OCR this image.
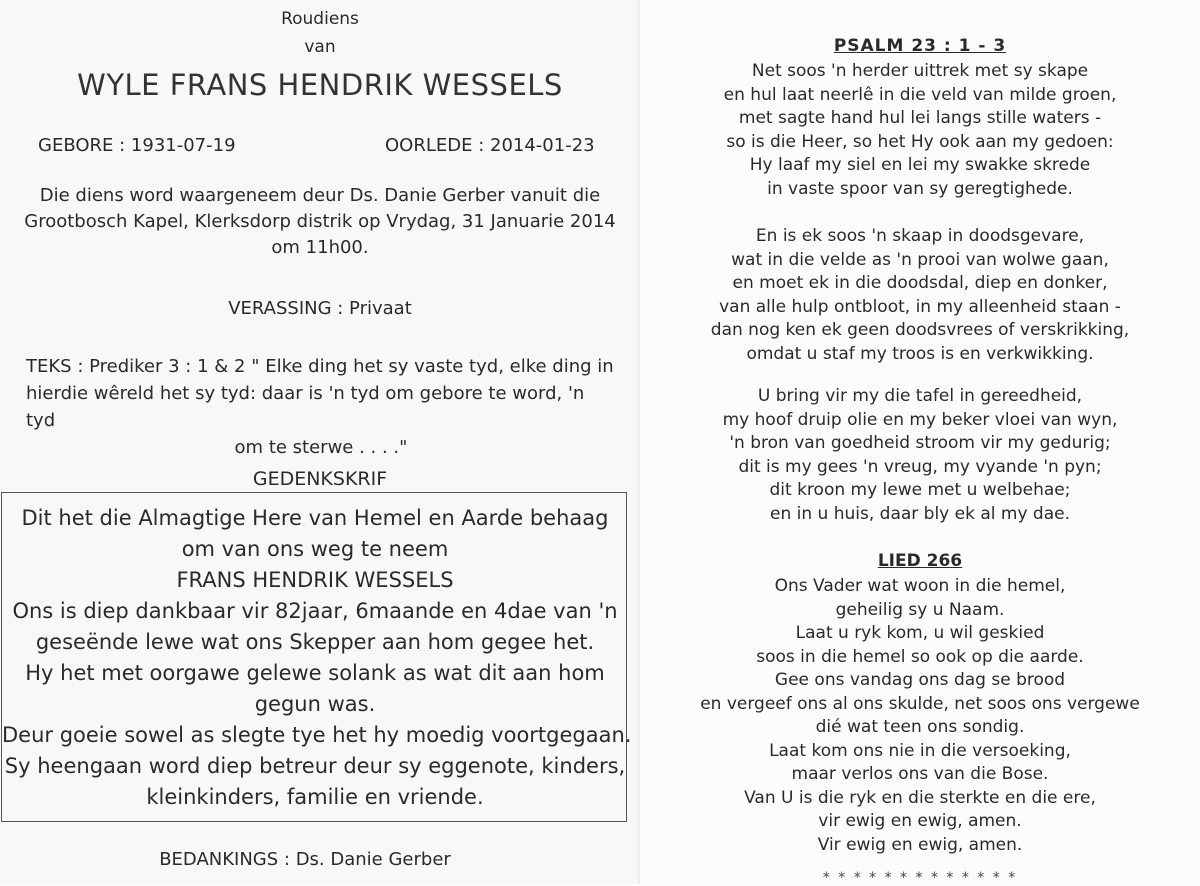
Roudiens
van
WYLE FRANS HENDRIK WESSELS
GEBORE : 1931-07-19	OORLEDE : 2014-01-23
Die diens word waargeneem deur Ds. Danie Gerber vanuit die
Grootbosch Kapel, Klerksdorp distrik op Vrydag, 31 Januarie 2014
om 11h00.
VERASSING : Privaat
TEKS : Prediker 3 : 1 & 2 " Elke ding het sy vaste tyd, elke ding in
hierdie wêreld het sy tyd: daar is 'n tyd om gebore te word, 'n tyd
om te sterwe . . . ."
GEDENKSKRIF
Dit het die Almagtige Here van Hemel en Aarde behaag
om van ons weg te neem
FRANS HENDRIK WESSELS
Ons is diep dankbaar vir 82jaar, 6maande en 4dae van 'n
geseënde lewe wat ons Skepper aan hom gegee het.
Hy het met oorgawe gelewe solank as wat dit aan hom
gegun was.
Deur goeie sowel as slegte tye het hy moedig voortgegaan.
Sy heengaan word diep betreur deur sy eggenote, kinders,
kleinkinders, familie en vriende.
BEDANKINGS : Ds. Danie Gerber
PSALM 23 : 1 - 3
Net soos 'n herder uittrek met sy skape
en hul laat neerlê in die veld van milde groen,
met sagte hand hul lei langs stille waters -
so is die Heer, so het Hy ook aan my gedoen:
Hy laaf my siel en lei my swakke skrede
in vaste spoor van sy geregtighede.
En is ek soos 'n skaap in doodsgevare,
wat in die velde as 'n prooi van wolwe gaan,
en moet ek in die doodsdal, diep en donker,
van alle hulp ontbloot, in my alleenheid staan -
dan nog ken ek geen doodsvrees of verskrikking,
omdat u staf my troos is en verkwikking.
U bring vir my die tafel in gereedheid,
my hoof druip olie en my beker vloei van wyn,
'n bron van goedheid stroom vir my gedurig;
dit is my gees 'n vreug, my vyande 'n pyn;
dit kroon my lewe met u welbehae;
en in u huis, daar bly ek al my dae.
LIED 266
Ons Vader wat woon in die hemel,
geheilig sy u Naam.
Laat u ryk kom, u wil geskied
soos in die hemel so ook op die aarde.
Gee ons vandag ons dag se brood
en vergeef ons al ons skulde, net soos ons vergewe
dié wat teen ons sondig.
Laat kom ons nie in die versoeking,
maar verlos ons van die Bose.
Van U is die ryk en die sterkte en die ere,
vir ewig en ewig, amen.
Vir ewig en ewig, amen.
* * * * * * * * * * * * *
